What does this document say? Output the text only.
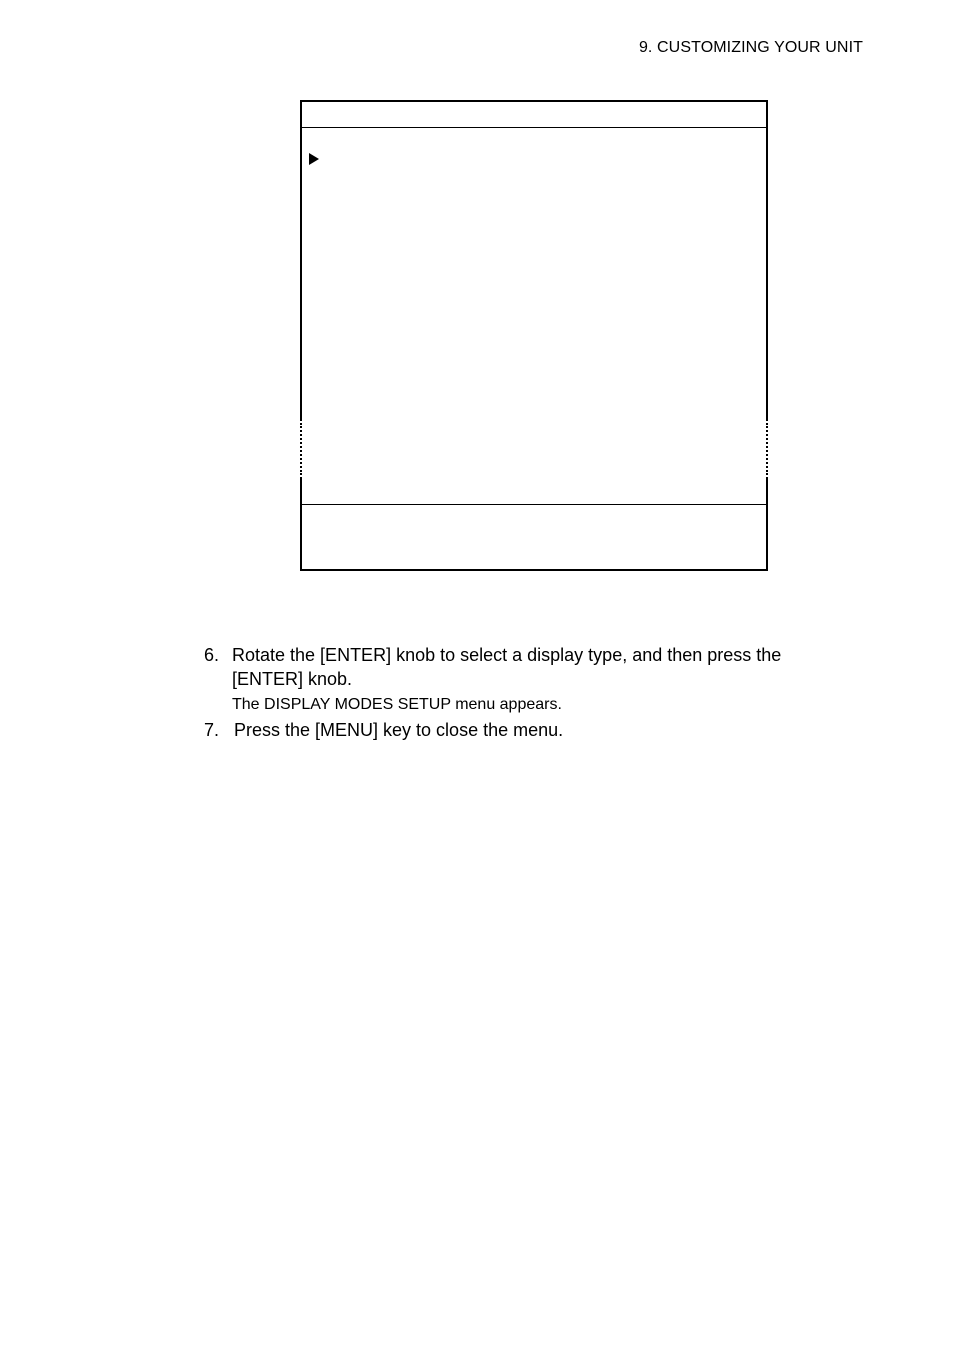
9. CUSTOMIZING YOUR UNIT
6. Rotate the [ENTER] knob to select a display type, and then press the [ENTER] knob.
The DISPLAY MODES SETUP menu appears.
7. Press the [MENU] key to close the menu.
